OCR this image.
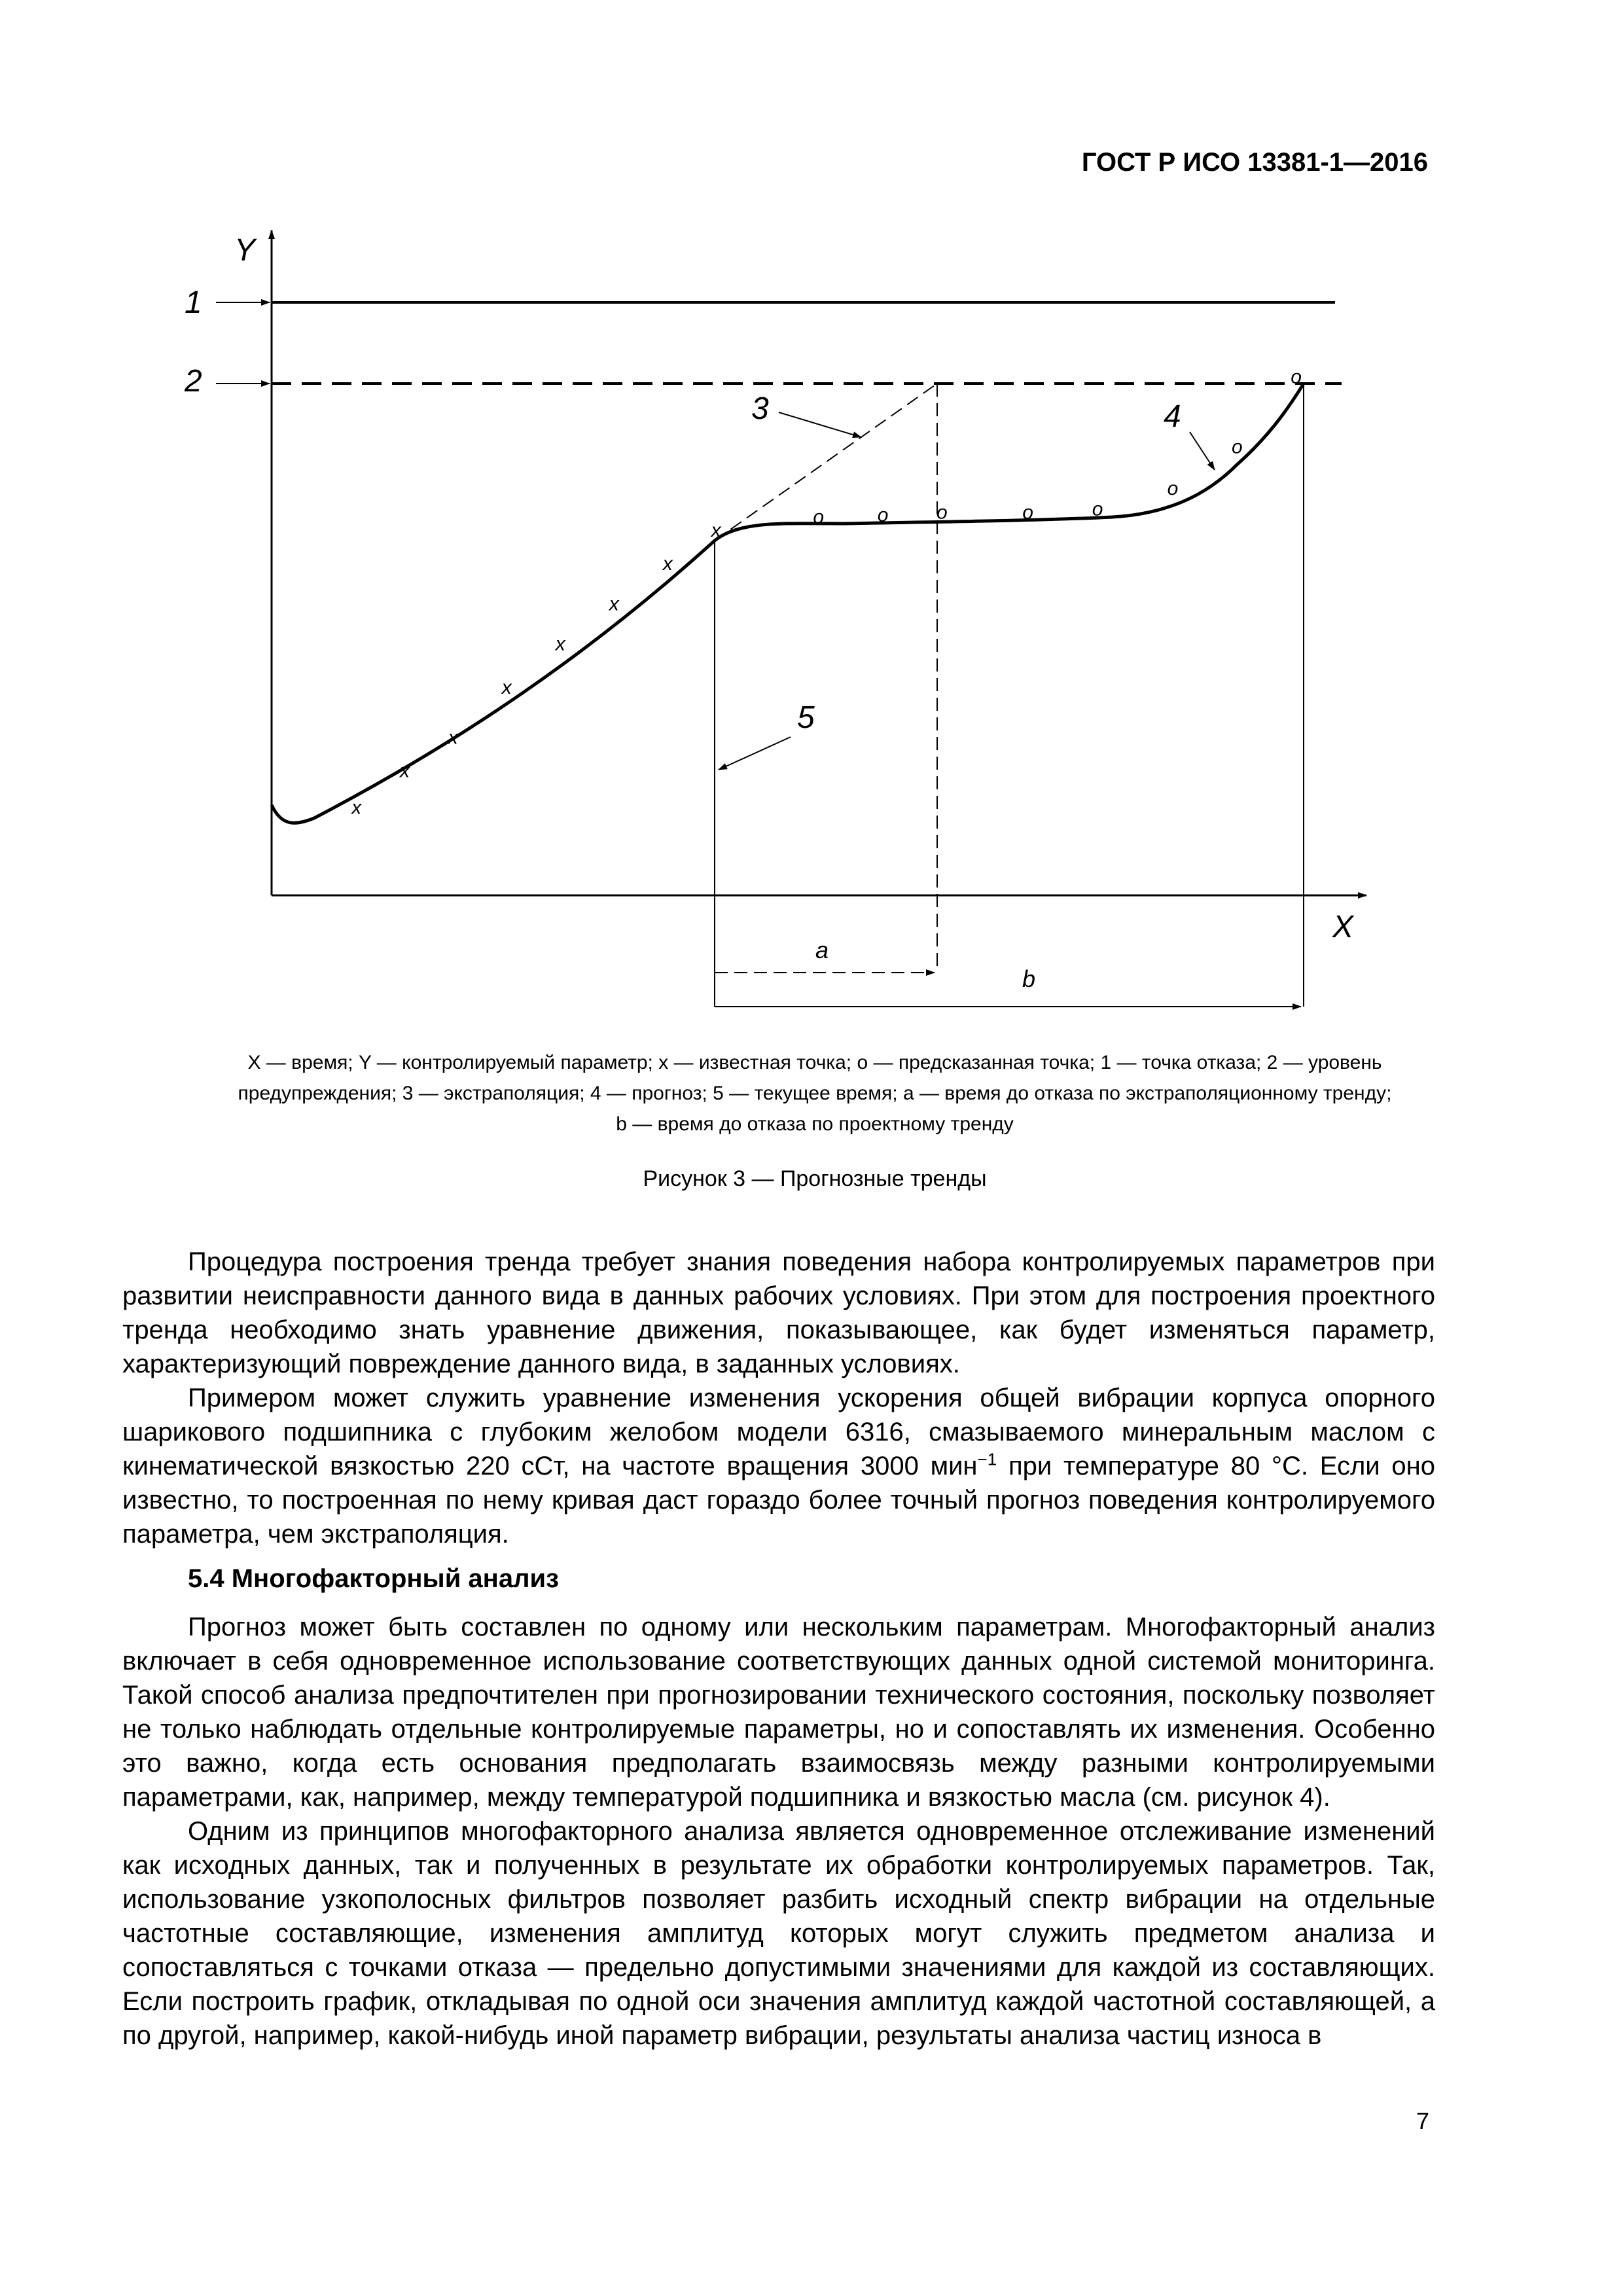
ГОСТ Р ИСО 13381-1—2016
Y
X
1
2
3	4
5
x
x
x
x
x
x
x
x
o	o o	o	o
o
o
o
a
b
X — время; Y — контролируемый параметр; x — известная точка; o — предсказанная точка; 1 — точка отказа; 2 — уровень
предупреждения; 3 — экстраполяция; 4 — прогноз; 5 — текущее время; a — время до отказа по экстраполяционному тренду;
b — время до отказа по проектному тренду
Рисунок 3 — Прогнозные тренды

Процедура построения тренда требует знания поведения набора контролируемых параметров при развитии неисправности данного вида в данных рабочих условиях. При этом для построения проектного тренда необходимо знать уравнение движения, показывающее, как будет изменяться параметр, характеризующий повреждение данного вида, в заданных условиях.

Примером может служить уравнение изменения ускорения общей вибрации корпуса опорного шарикового подшипника с глубоким желобом модели 6316, смазываемого минеральным маслом с кинематической вязкостью 220 сСт, на частоте вращения 3000 мин$^{-1}$ при температуре 80 °С. Если оно известно, то построенная по нему кривая даст гораздо более точный прогноз поведения контролируемого параметра, чем экстраполяция.

5.4 Многофакторный анализ

Прогноз может быть составлен по одному или нескольким параметрам. Многофакторный анализ включает в себя одновременное использование соответствующих данных одной системой мониторинга. Такой способ анализа предпочтителен при прогнозировании технического состояния, поскольку позволяет не только наблюдать отдельные контролируемые параметры, но и сопоставлять их изменения. Особенно это важно, когда есть основания предполагать взаимосвязь между разными контролируемыми параметрами, как, например, между температурой подшипника и вязкостью масла (см. рисунок 4).

Одним из принципов многофакторного анализа является одновременное отслеживание изменений как исходных данных, так и полученных в результате их обработки контролируемых параметров. Так, использование узкополосных фильтров позволяет разбить исходный спектр вибрации на отдельные частотные составляющие, изменения амплитуд которых могут служить предметом анализа и сопоставляться с точками отказа — предельно допустимыми значениями для каждой из составляющих. Если построить график, откладывая по одной оси значения амплитуд каждой частотной составляющей, а по другой, например, какой-нибудь иной параметр вибрации, результаты анализа частиц износа в

7
